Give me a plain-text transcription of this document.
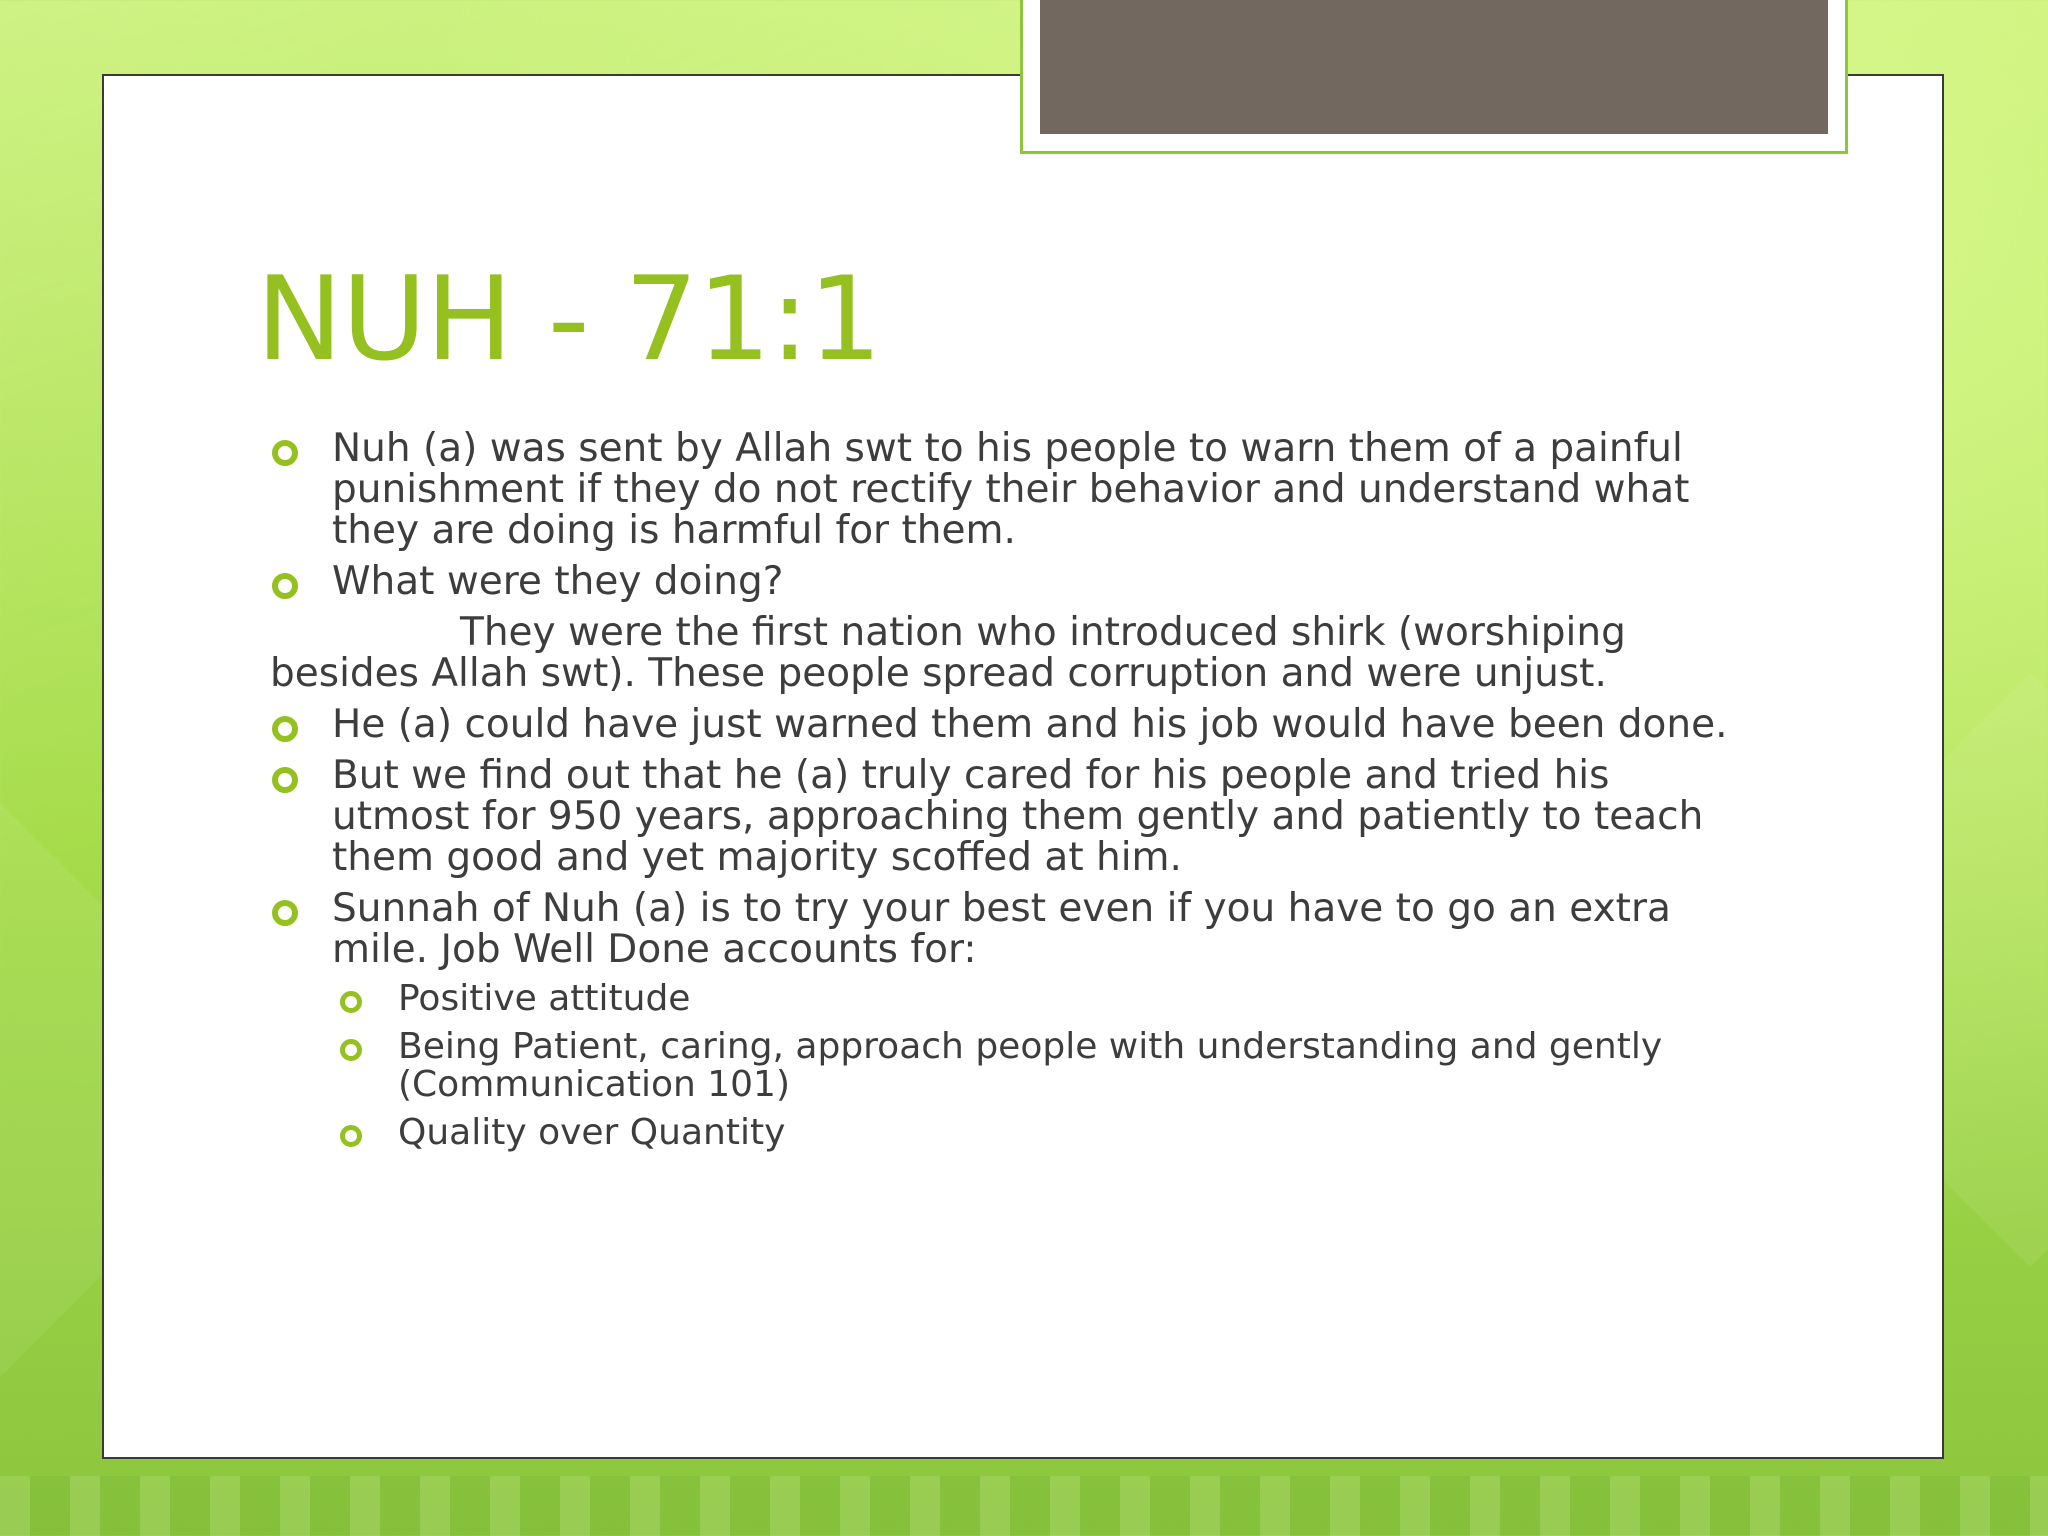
NUH - 71:1
Nuh (a) was sent by Allah swt to his people to warn them of a painful punishment if they do not rectify their behavior and understand what they are doing is harmful for them.
What were they doing?
They were the first nation who introduced shirk (worshiping besides Allah swt). These people spread corruption and were unjust.
He (a) could have just warned them and his job would have been done.
But we find out that he (a) truly cared for his people and tried his utmost for 950 years, approaching them gently and patiently to teach them good and yet majority scoffed at him.
Sunnah of Nuh (a) is to try your best even if you have to go an extra mile. Job Well Done accounts for:
Positive attitude
Being Patient, caring, approach people with understanding and gently (Communication 101)
Quality over Quantity
